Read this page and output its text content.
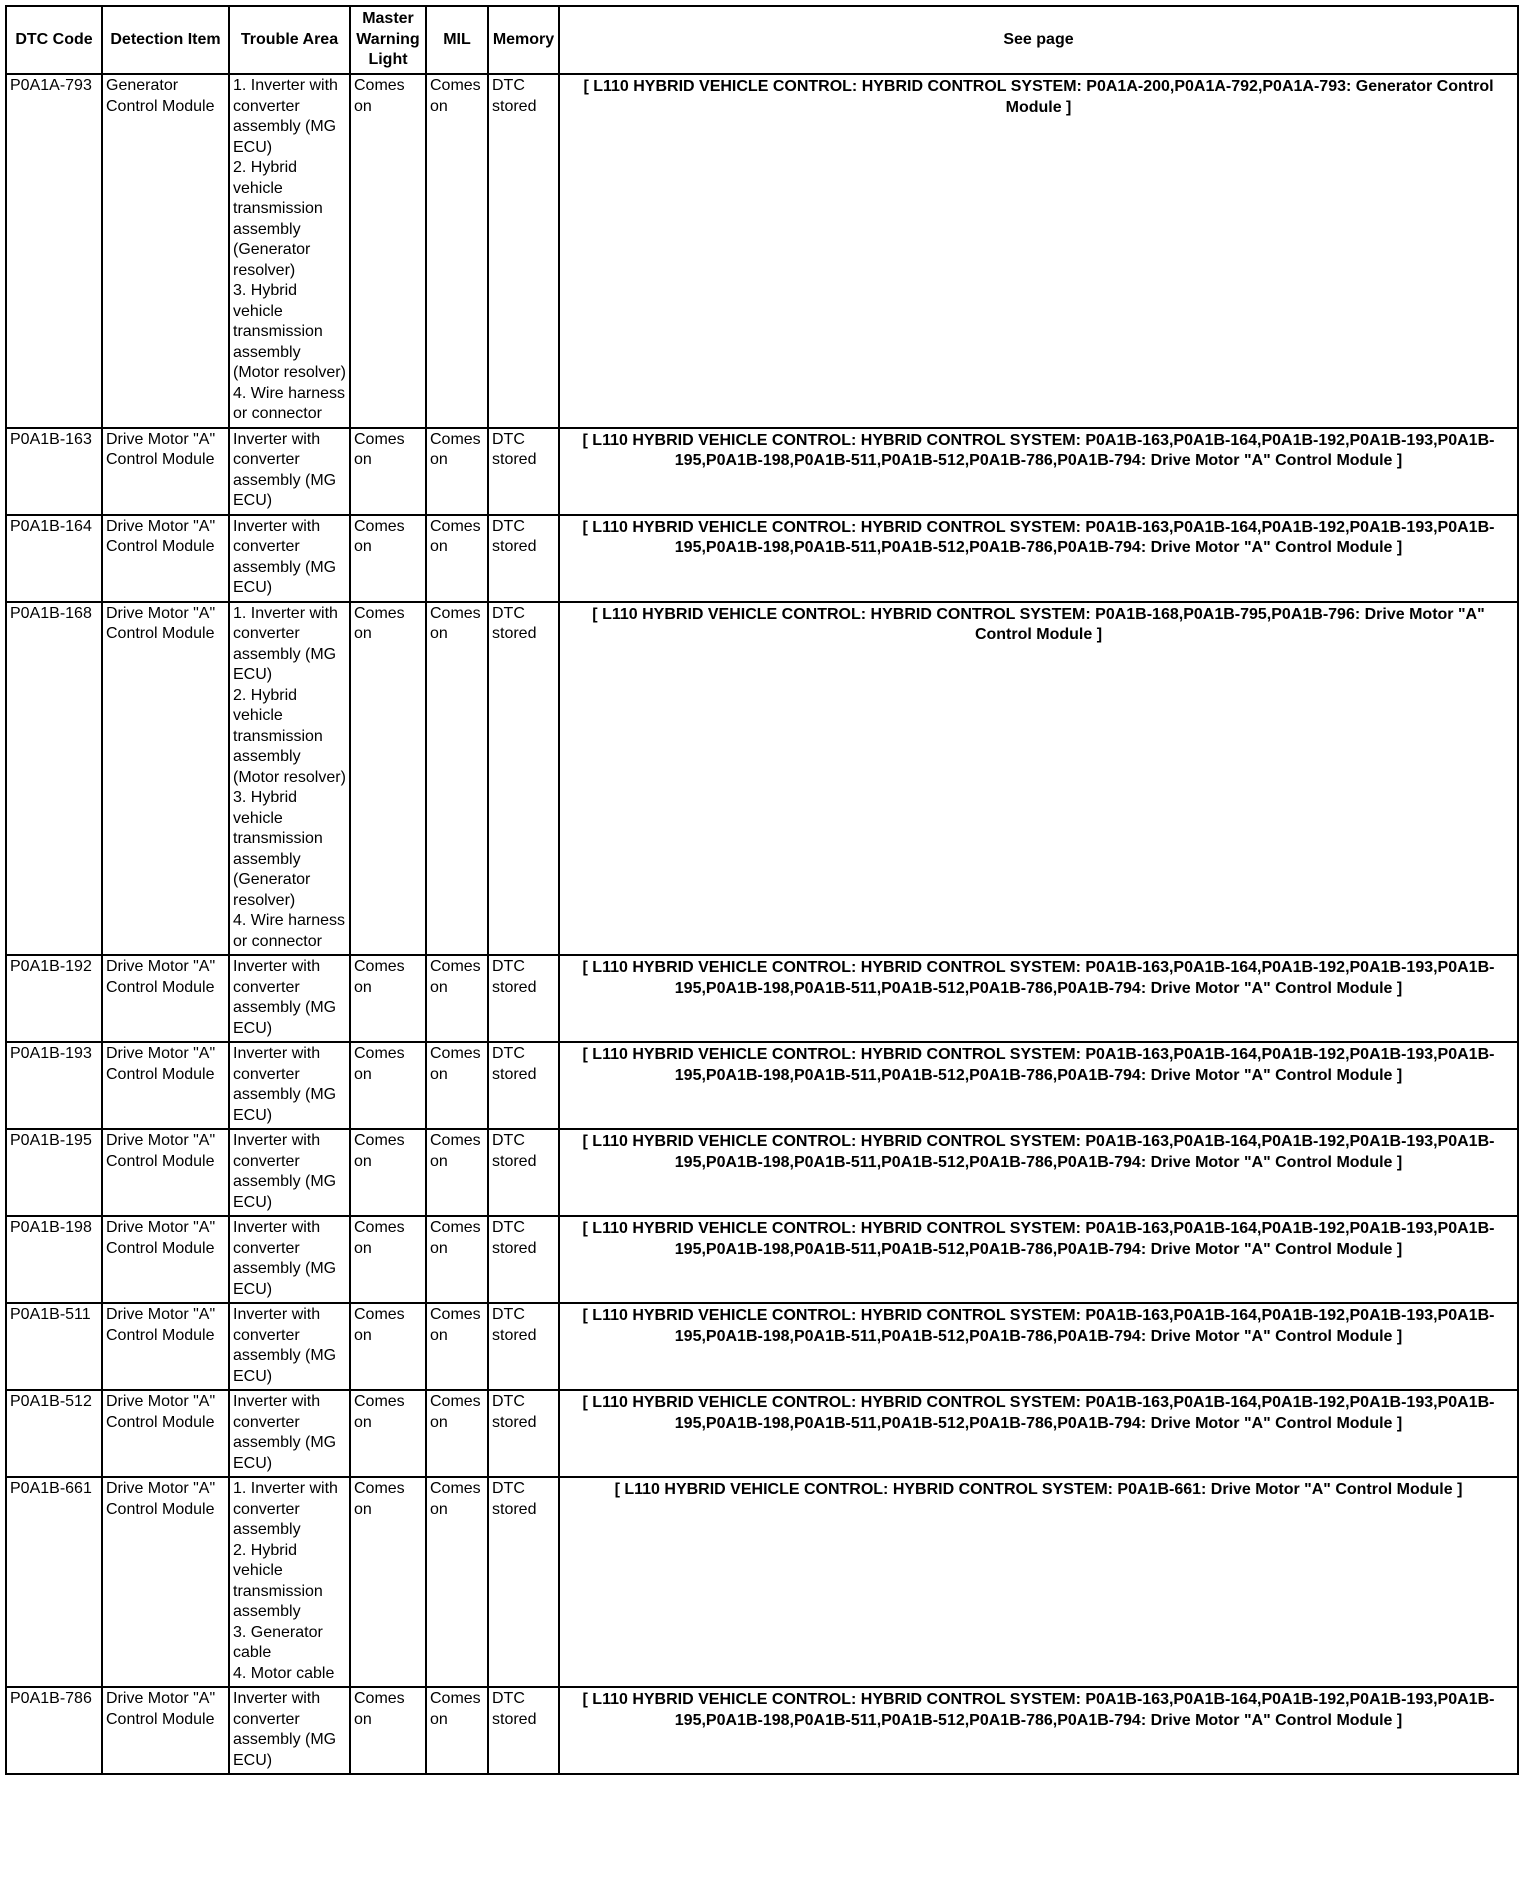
DTC Code	Detection Item	Trouble Area	Master Warning Light	MIL	Memory	See page
P0A1A-793	Generator Control Module	1. Inverter with converter assembly (MG ECU)
2. Hybrid vehicle transmission assembly (Generator resolver)
3. Hybrid vehicle transmission assembly (Motor resolver)
4. Wire harness or connector	Comes on	Comes on	DTC stored	[ L110 HYBRID VEHICLE CONTROL: HYBRID CONTROL SYSTEM: P0A1A-200,P0A1A-792,P0A1A-793: Generator Control Module ]
P0A1B-163	Drive Motor "A" Control Module	Inverter with converter assembly (MG ECU)	Comes on	Comes on	DTC stored	[ L110 HYBRID VEHICLE CONTROL: HYBRID CONTROL SYSTEM: P0A1B-163,P0A1B-164,P0A1B-192,P0A1B-193,P0A1B-195,P0A1B-198,P0A1B-511,P0A1B-512,P0A1B-786,P0A1B-794: Drive Motor "A" Control Module ]
P0A1B-164	Drive Motor "A" Control Module	Inverter with converter assembly (MG ECU)	Comes on	Comes on	DTC stored	[ L110 HYBRID VEHICLE CONTROL: HYBRID CONTROL SYSTEM: P0A1B-163,P0A1B-164,P0A1B-192,P0A1B-193,P0A1B-195,P0A1B-198,P0A1B-511,P0A1B-512,P0A1B-786,P0A1B-794: Drive Motor "A" Control Module ]
P0A1B-168	Drive Motor "A" Control Module	1. Inverter with converter assembly (MG ECU)
2. Hybrid vehicle transmission assembly (Motor resolver)
3. Hybrid vehicle transmission assembly (Generator resolver)
4. Wire harness or connector	Comes on	Comes on	DTC stored	[ L110 HYBRID VEHICLE CONTROL: HYBRID CONTROL SYSTEM: P0A1B-168,P0A1B-795,P0A1B-796: Drive Motor "A" Control Module ]
P0A1B-192	Drive Motor "A" Control Module	Inverter with converter assembly (MG ECU)	Comes on	Comes on	DTC stored	[ L110 HYBRID VEHICLE CONTROL: HYBRID CONTROL SYSTEM: P0A1B-163,P0A1B-164,P0A1B-192,P0A1B-193,P0A1B-195,P0A1B-198,P0A1B-511,P0A1B-512,P0A1B-786,P0A1B-794: Drive Motor "A" Control Module ]
P0A1B-193	Drive Motor "A" Control Module	Inverter with converter assembly (MG ECU)	Comes on	Comes on	DTC stored	[ L110 HYBRID VEHICLE CONTROL: HYBRID CONTROL SYSTEM: P0A1B-163,P0A1B-164,P0A1B-192,P0A1B-193,P0A1B-195,P0A1B-198,P0A1B-511,P0A1B-512,P0A1B-786,P0A1B-794: Drive Motor "A" Control Module ]
P0A1B-195	Drive Motor "A" Control Module	Inverter with converter assembly (MG ECU)	Comes on	Comes on	DTC stored	[ L110 HYBRID VEHICLE CONTROL: HYBRID CONTROL SYSTEM: P0A1B-163,P0A1B-164,P0A1B-192,P0A1B-193,P0A1B-195,P0A1B-198,P0A1B-511,P0A1B-512,P0A1B-786,P0A1B-794: Drive Motor "A" Control Module ]
P0A1B-198	Drive Motor "A" Control Module	Inverter with converter assembly (MG ECU)	Comes on	Comes on	DTC stored	[ L110 HYBRID VEHICLE CONTROL: HYBRID CONTROL SYSTEM: P0A1B-163,P0A1B-164,P0A1B-192,P0A1B-193,P0A1B-195,P0A1B-198,P0A1B-511,P0A1B-512,P0A1B-786,P0A1B-794: Drive Motor "A" Control Module ]
P0A1B-511	Drive Motor "A" Control Module	Inverter with converter assembly (MG ECU)	Comes on	Comes on	DTC stored	[ L110 HYBRID VEHICLE CONTROL: HYBRID CONTROL SYSTEM: P0A1B-163,P0A1B-164,P0A1B-192,P0A1B-193,P0A1B-195,P0A1B-198,P0A1B-511,P0A1B-512,P0A1B-786,P0A1B-794: Drive Motor "A" Control Module ]
P0A1B-512	Drive Motor "A" Control Module	Inverter with converter assembly (MG ECU)	Comes on	Comes on	DTC stored	[ L110 HYBRID VEHICLE CONTROL: HYBRID CONTROL SYSTEM: P0A1B-163,P0A1B-164,P0A1B-192,P0A1B-193,P0A1B-195,P0A1B-198,P0A1B-511,P0A1B-512,P0A1B-786,P0A1B-794: Drive Motor "A" Control Module ]
P0A1B-661	Drive Motor "A" Control Module	1. Inverter with converter assembly
2. Hybrid vehicle transmission assembly
3. Generator cable
4. Motor cable	Comes on	Comes on	DTC stored	[ L110 HYBRID VEHICLE CONTROL: HYBRID CONTROL SYSTEM: P0A1B-661: Drive Motor "A" Control Module ]
P0A1B-786	Drive Motor "A" Control Module	Inverter with converter assembly (MG ECU)	Comes on	Comes on	DTC stored	[ L110 HYBRID VEHICLE CONTROL: HYBRID CONTROL SYSTEM: P0A1B-163,P0A1B-164,P0A1B-192,P0A1B-193,P0A1B-195,P0A1B-198,P0A1B-511,P0A1B-512,P0A1B-786,P0A1B-794: Drive Motor "A" Control Module ]
